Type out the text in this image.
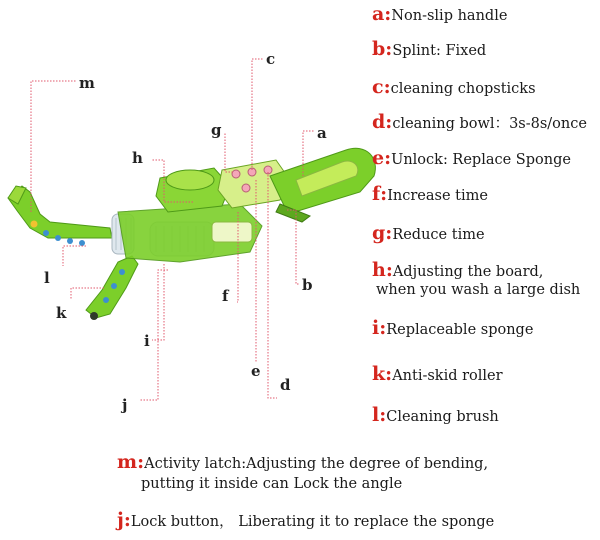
a
b
c
d
e
f
g
h
i
j
k
l
m
a:Non-slip handle
b:Splint: Fixed
c:cleaning chopsticks
d:cleaning bowl：3s-8s/once
e:Unlock: Replace Sponge
f:Increase time
g:Reduce time
h:Adjusting the board,
when you wash a large dish
i:Replaceable sponge
k:Anti-skid roller
l:Cleaning brush
m:Activity latch:Adjusting the degree of bending,
putting it inside can Lock the angle
j:Lock button， Liberating it to replace the sponge
